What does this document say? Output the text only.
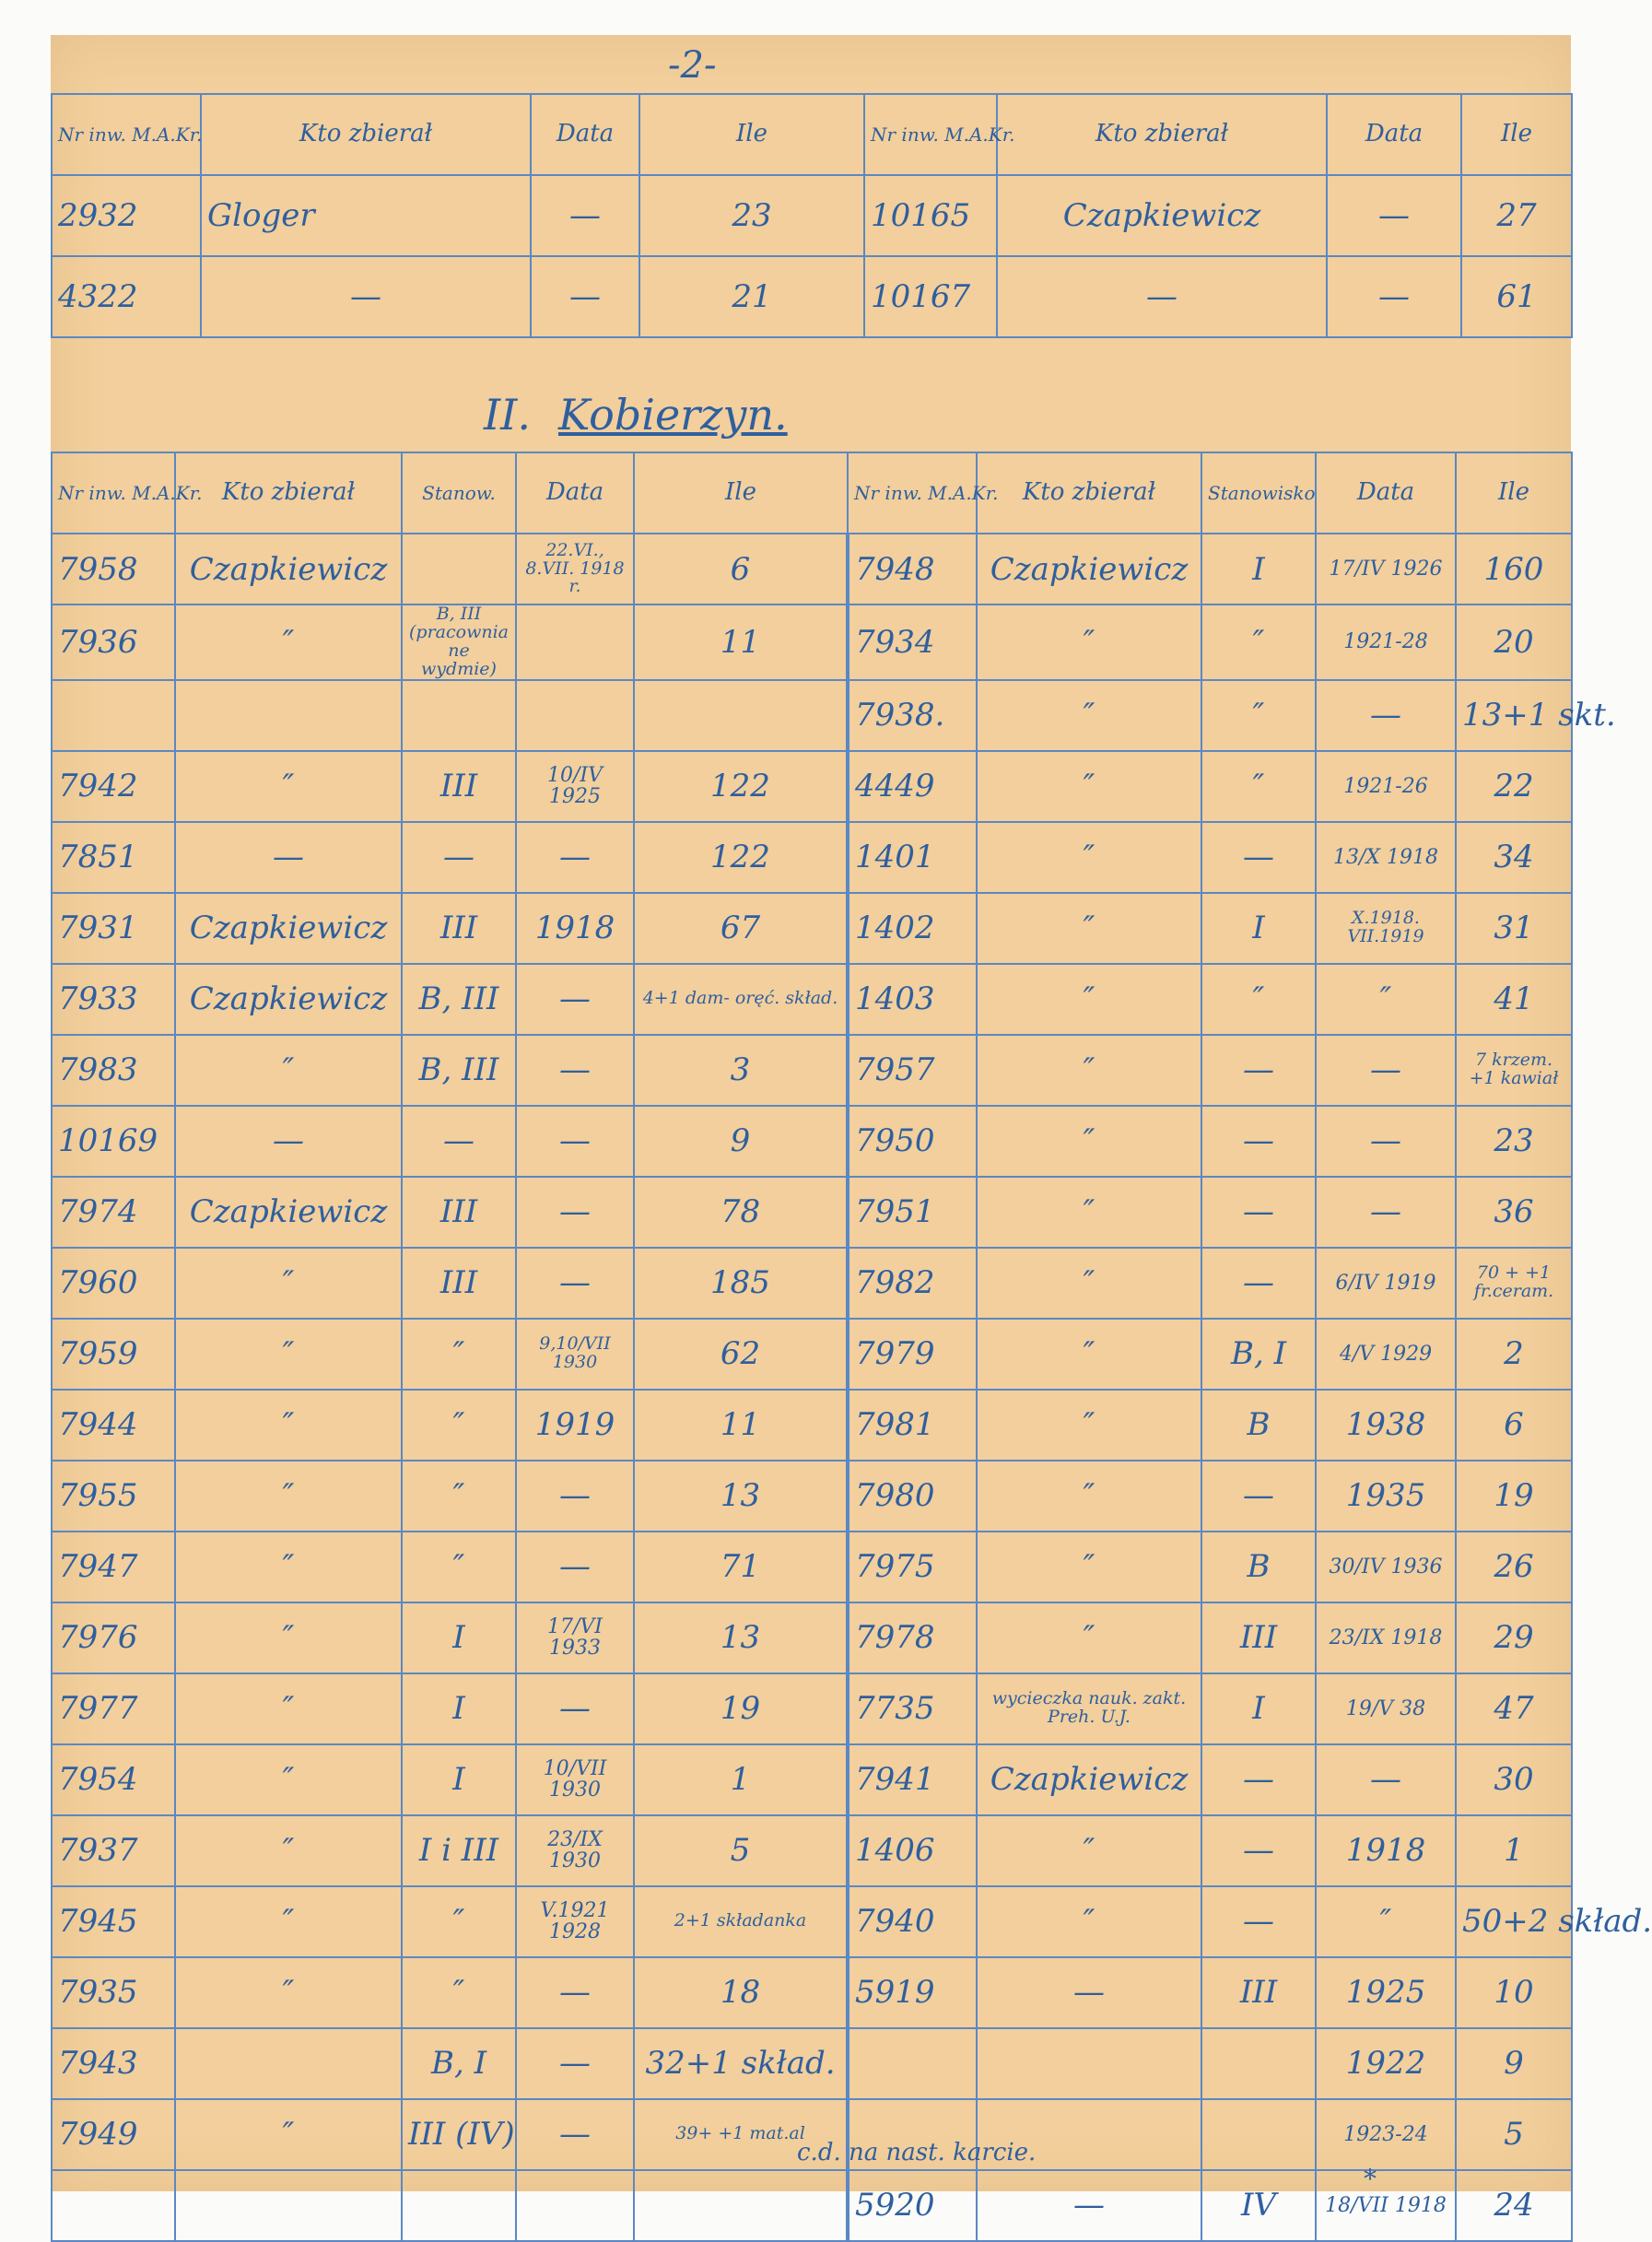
-2-
Nr inw. M.A.Kr.	Kto zbierał	Data	Ile	Nr inw. M.A.Kr.	Kto zbierał	Data	Ile
2932	Gloger	—	23	10165	Czapkiewicz	—	27
4322	—	—	21	10167	—	—	61
II. Kobierzyn.
Nr inw. M.A.Kr.	Kto zbierał	Stanow.	Data	Ile	Nr inw. M.A.Kr.	Kto zbierał	Stanowisko	Data	Ile
7958	Czapkiewicz		22.VI., 8.VII. 1918 r.	6	7948	Czapkiewicz	I	17/IV 1926	160
7936	″	B, III (pracownia ne wydmie)		11	7934	″	″	1921-28	20
					7938.	″	″	—	13+1 skt.
7942	″	III	10/IV 1925	122	4449	″	″	1921-26	22
7851	—	—	—	122	1401	″	—	13/X 1918	34
7931	Czapkiewicz	III	1918	67	1402	″	I	X.1918. VII.1919	31
7933	Czapkiewicz	B, III	—	4+1 dam- oręć. skład.	1403	″	″	″	41
7983	″	B, III	—	3	7957	″	—	—	7 krzem. +1 kawiał
10169	—	—	—	9	7950	″	—	—	23
7974	Czapkiewicz	III	—	78	7951	″	—	—	36
7960	″	III	—	185	7982	″	—	6/IV 1919	70 + +1 fr.ceram.
7959	″	″	9,10/VII 1930	62	7979	″	B, I	4/V 1929	2
7944	″	″	1919	11	7981	″	B	1938	6
7955	″	″	—	13	7980	″	—	1935	19
7947	″	″	—	71	7975	″	B	30/IV 1936	26
7976	″	I	17/VI 1933	13	7978	″	III	23/IX 1918	29
7977	″	I	—	19	7735	wycieczka nauk. zakt. Preh. U.J.	I	19/V 38	47
7954	″	I	10/VII 1930	1	7941	Czapkiewicz	—	—	30
7937	″	I i III	23/IX 1930	5	1406	″	—	1918	1
7945	″	″	V.1921 1928	2+1 składanka	7940	″	—	″	50+2 skład.
7935	″	″	—	18	5919	—	III	1925	10
7943		B, I	—	32+1 skład.				1922	9
7949	″	III (IV)	—	39+ +1 mat.al				1923-24	5
					5920	—	IV	18/VII 1918	24
c.d. na nast. karcie.
*
